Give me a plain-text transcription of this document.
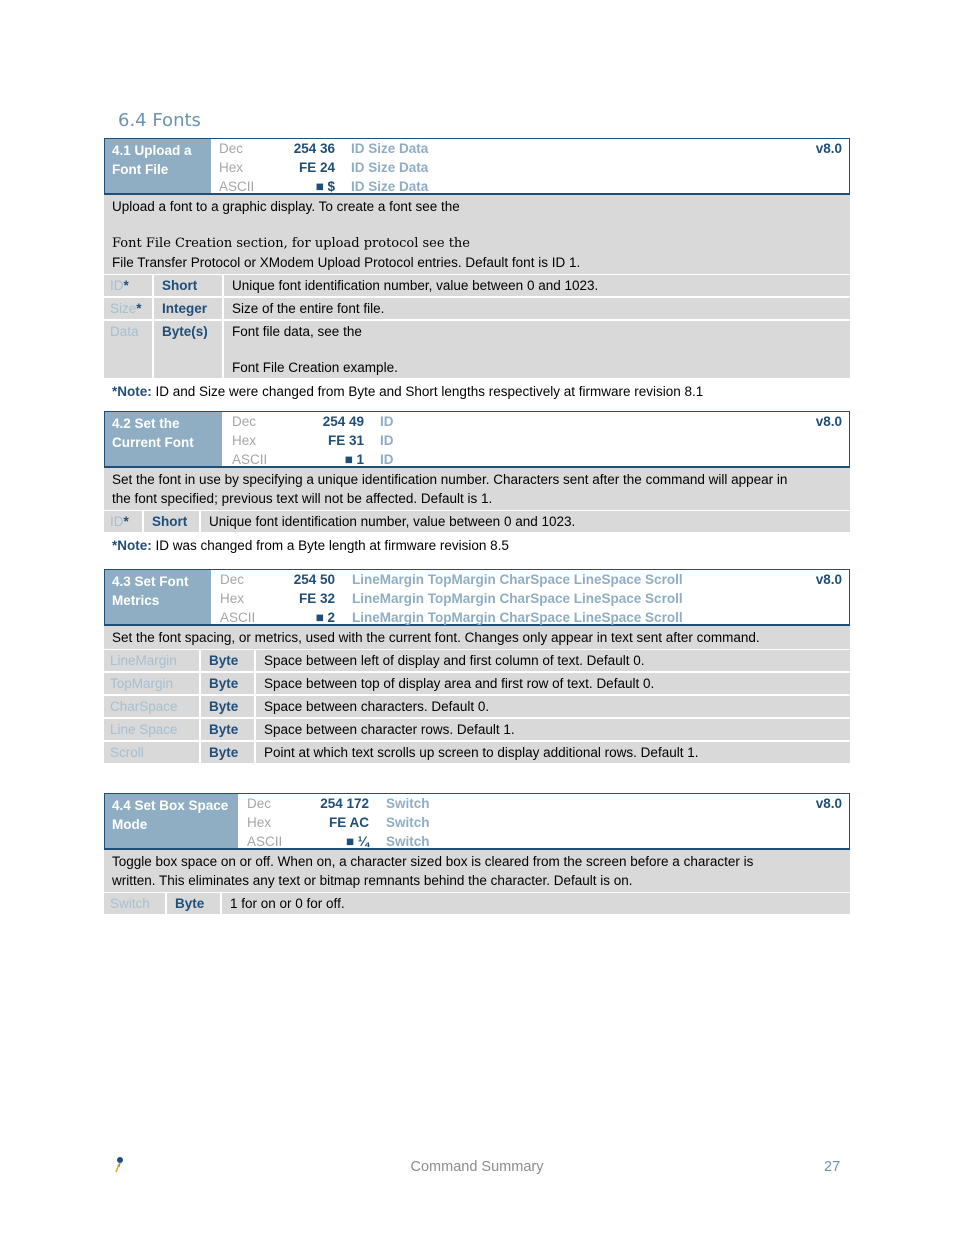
6.4 Fonts
4.1 Upload a
Font File
Dec	254 36 ID Size Data
Hex	FE 24 ID Size Data
ASCII	■ $ ID Size Data
v8.0
Upload a font to a graphic display. To create a font see the
Font File Creation section, for upload protocol see the
File Transfer Protocol or XModem Upload Protocol entries. Default font is ID 1.
ID*	Short	Unique font identification number, value between 0 and 1023.
Size*	Integer	Size of the entire font file.
Data	Byte(s)	Font file data, see the
Font File Creation example.
*Note: ID and Size were changed from Byte and Short lengths respectively at firmware revision 8.1
4.2 Set the
Current Font
Dec	254 49 ID
Hex	FE 31 ID
ASCII	■ 1 ID
v8.0
Set the font in use by specifying a unique identification number. Characters sent after the command will appear in
the font specified; previous text will not be affected. Default is 1.
ID*	Short	Unique font identification number, value between 0 and 1023.
*Note: ID was changed from a Byte length at firmware revision 8.5
4.3 Set Font
Metrics
Dec	254 50 LineMargin TopMargin CharSpace LineSpace Scroll
Hex	FE 32 LineMargin TopMargin CharSpace LineSpace Scroll
ASCII	■ 2 LineMargin TopMargin CharSpace LineSpace Scroll
v8.0
Set the font spacing, or metrics, used with the current font. Changes only appear in text sent after command.
LineMargin	Byte	Space between left of display and first column of text. Default 0.
TopMargin	Byte	Space between top of display area and first row of text. Default 0.
CharSpace	Byte	Space between characters. Default 0.
Line Space	Byte	Space between character rows. Default 1.
Scroll	Byte	Point at which text scrolls up screen to display additional rows. Default 1.
4.4 Set Box Space
Mode
Dec	254 172 Switch
Hex	FE AC Switch
ASCII	■ ¼ Switch
v8.0
Toggle box space on or off. When on, a character sized box is cleared from the screen before a character is
written. This eliminates any text or bitmap remnants behind the character. Default is on.
Switch	Byte	1 for on or 0 for off.
Command Summary	27
